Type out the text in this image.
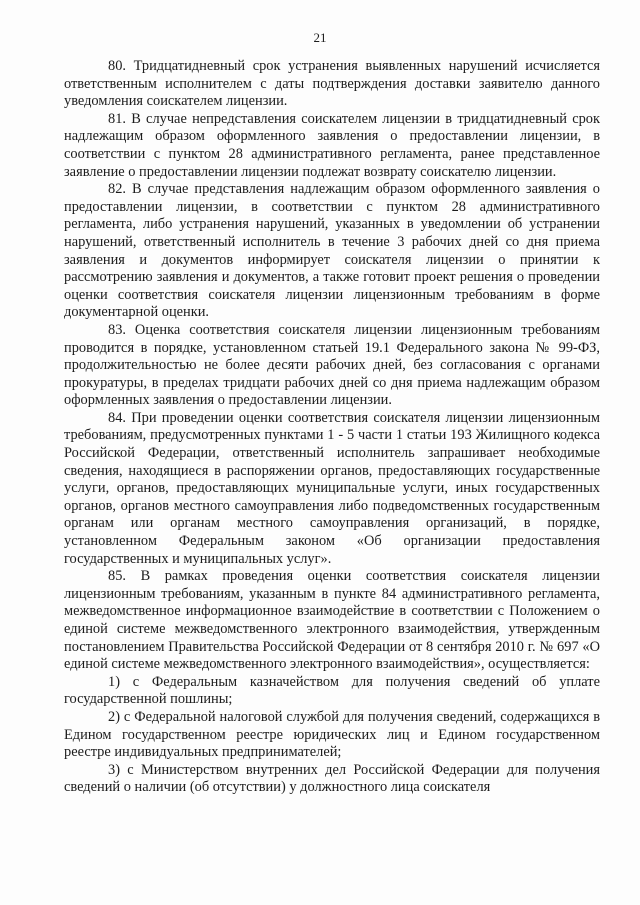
21

80. Тридцатидневный срок устранения выявленных нарушений исчисляется ответственным исполнителем с даты подтверждения доставки заявителю данного уведомления соискателем лицензии.

81. В случае непредставления соискателем лицензии в тридцатидневный срок надлежащим образом оформленного заявления о предоставлении лицензии, в соответствии с пунктом 28 административного регламента, ранее представленное заявление о предоставлении лицензии подлежат возврату соискателю лицензии.

82. В случае представления надлежащим образом оформленного заявления о предоставлении лицензии, в соответствии с пунктом 28 административного регламента, либо устранения нарушений, указанных в уведомлении об устранении нарушений, ответственный исполнитель в течение 3 рабочих дней со дня приема заявления и документов информирует соискателя лицензии о принятии к рассмотрению заявления и документов, а также готовит проект решения о проведении оценки соответствия соискателя лицензии лицензионным требованиям в форме документарной оценки.

83. Оценка соответствия соискателя лицензии лицензионным требованиям проводится в порядке, установленном статьей 19.1 Федерального закона № 99-ФЗ, продолжительностью не более десяти рабочих дней, без согласования с органами прокуратуры, в пределах тридцати рабочих дней со дня приема надлежащим образом оформленных заявления о предоставлении лицензии.

84. При проведении оценки соответствия соискателя лицензии лицензионным требованиям, предусмотренных пунктами 1 - 5 части 1 статьи 193 Жилищного кодекса Российской Федерации, ответственный исполнитель запрашивает необходимые сведения, находящиеся в распоряжении органов, предоставляющих государственные услуги, органов, предоставляющих муниципальные услуги, иных государственных органов, органов местного самоуправления либо подведомственных государственным органам или органам местного самоуправления организаций, в порядке, установленном Федеральным законом «Об организации предоставления государственных и муниципальных услуг».

85. В рамках проведения оценки соответствия соискателя лицензии лицензионным требованиям, указанным в пункте 84 административного регламента, межведомственное информационное взаимодействие в соответствии с Положением о единой системе межведомственного электронного взаимодействия, утвержденным постановлением Правительства Российской Федерации от 8 сентября 2010 г. № 697 «О единой системе межведомственного электронного взаимодействия», осуществляется:

1) с Федеральным казначейством для получения сведений об уплате государственной пошлины;

2) с Федеральной налоговой службой для получения сведений, содержащихся в Едином государственном реестре юридических лиц и Едином государственном реестре индивидуальных предпринимателей;

3) с Министерством внутренних дел Российской Федерации для получения сведений о наличии (об отсутствии) у должностного лица соискателя
